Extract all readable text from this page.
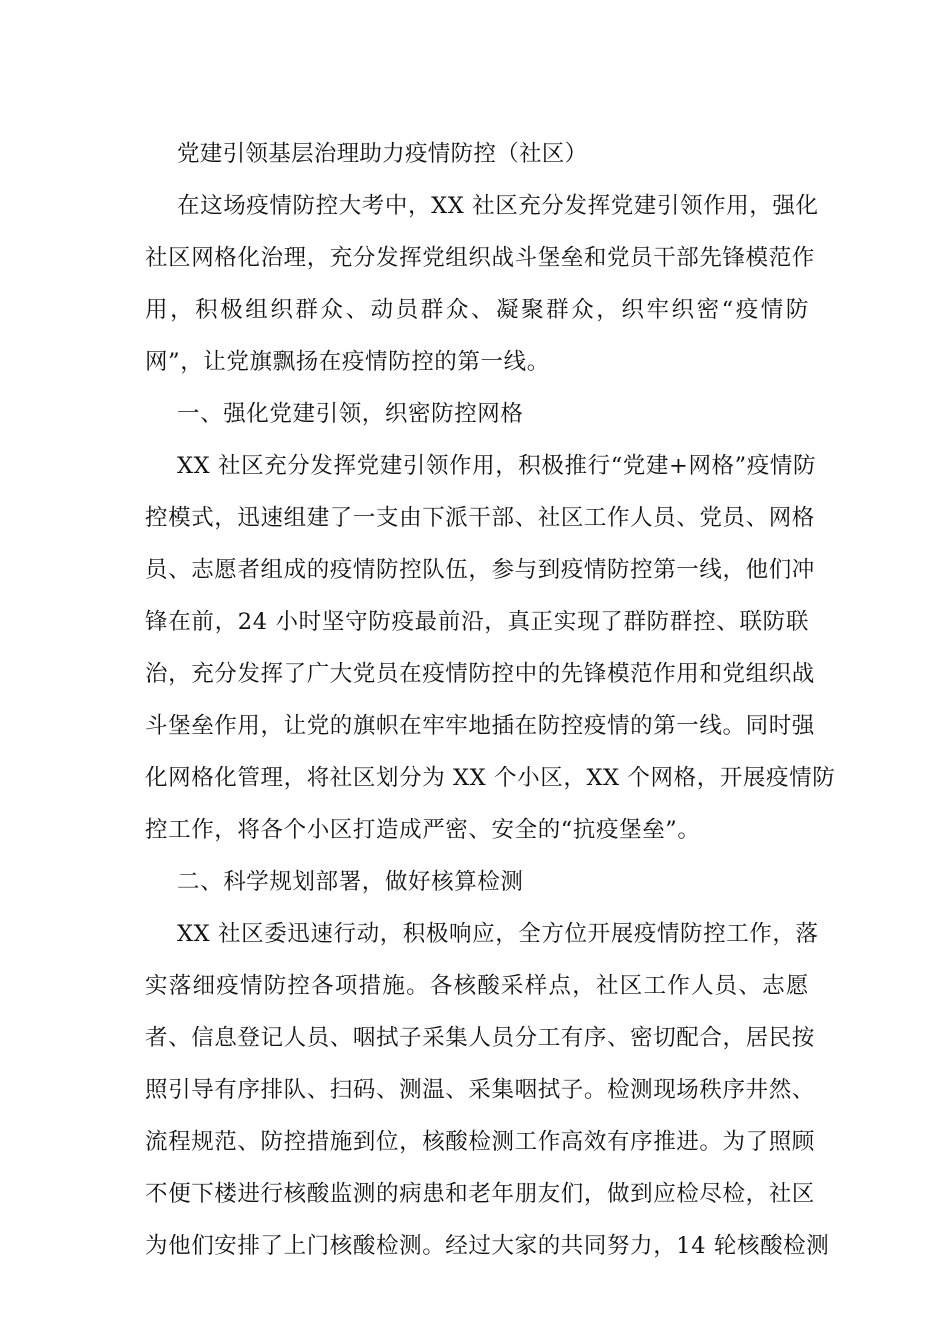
党建引领基层治理助力疫情防控（社区）
在这场疫情防控大考中，XX 社区充分发挥党建引领作用，强化
社区网格化治理，充分发挥党组织战斗堡垒和党员干部先锋模范作
用，积极组织群众、动员群众、凝聚群众，织牢织密“疫情防
网”，让党旗飘扬在疫情防控的第一线。
一、强化党建引领，织密防控网格
XX 社区充分发挥党建引领作用，积极推行“党建+网格”疫情防
控模式，迅速组建了一支由下派干部、社区工作人员、党员、网格
员、志愿者组成的疫情防控队伍，参与到疫情防控第一线，他们冲
锋在前，24 小时坚守防疫最前沿，真正实现了群防群控、联防联
治，充分发挥了广大党员在疫情防控中的先锋模范作用和党组织战
斗堡垒作用，让党的旗帜在牢牢地插在防控疫情的第一线。同时强
化网格化管理，将社区划分为 XX 个小区，XX 个网格，开展疫情防
控工作，将各个小区打造成严密、安全的“抗疫堡垒”。
二、科学规划部署，做好核算检测
XX 社区委迅速行动，积极响应，全方位开展疫情防控工作，落
实落细疫情防控各项措施。各核酸采样点，社区工作人员、志愿
者、信息登记人员、咽拭子采集人员分工有序、密切配合，居民按
照引导有序排队、扫码、测温、采集咽拭子。检测现场秩序井然、
流程规范、防控措施到位，核酸检测工作高效有序推进。为了照顾
不便下楼进行核酸监测的病患和老年朋友们，做到应检尽检，社区
为他们安排了上门核酸检测。经过大家的共同努力，14 轮核酸检测
